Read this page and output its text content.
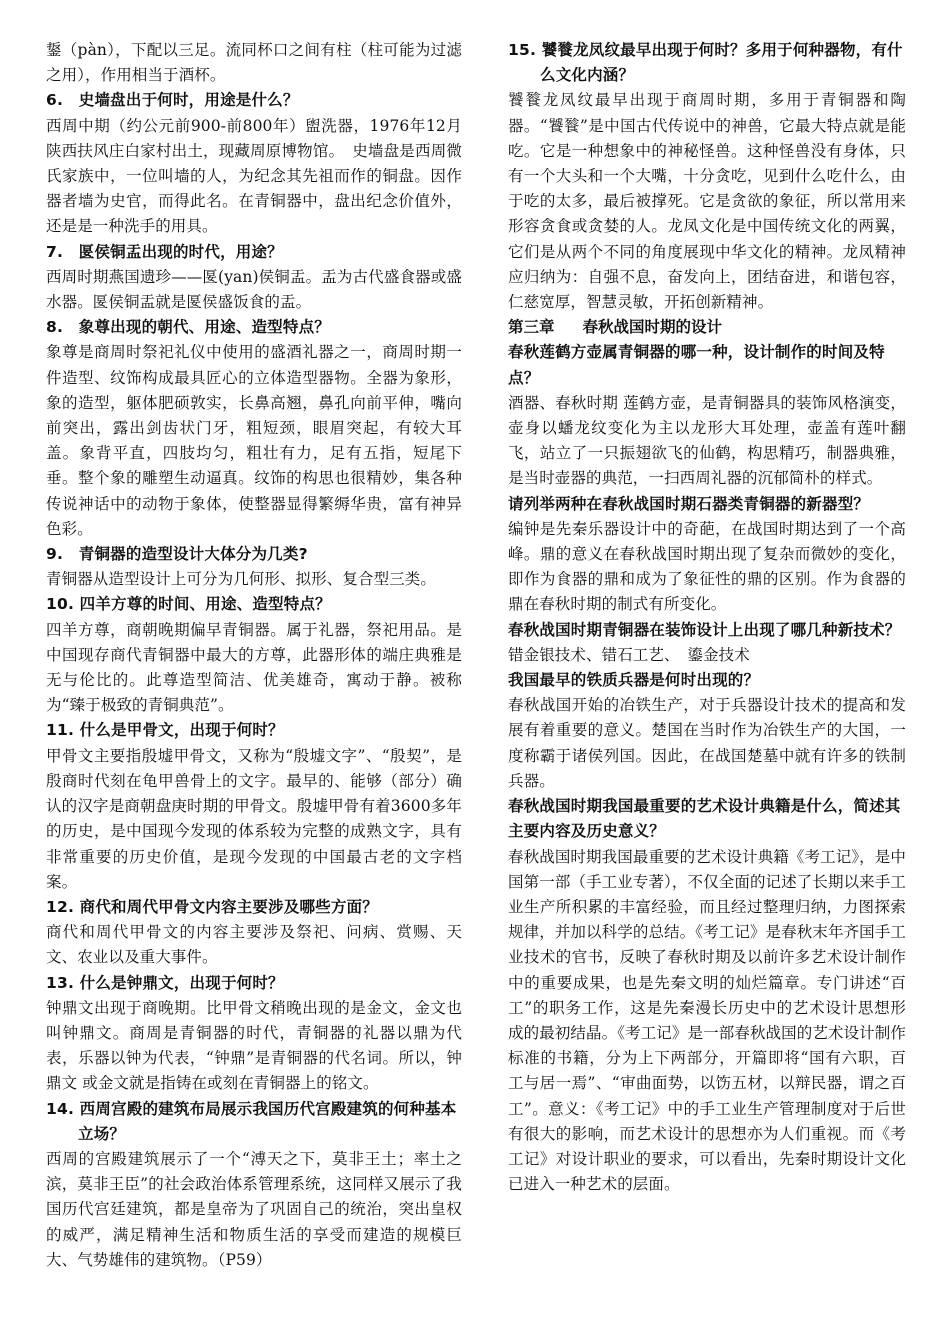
鋬（pàn），下配以三足。流同杯口之间有柱（柱可能为过滤之用），作用相当于酒杯。

6.　史墙盘出于何时，用途是什么？

西周中期（约公元前900-前800年）盥洗器，1976年12月陕西扶风庄白家村出土，现藏周原博物馆。　史墙盘是西周微氏家族中，一位叫墙的人，为纪念其先祖而作的铜盘。因作器者墙为史官，而得此名。在青铜器中，盘出纪念价值外，还是是一种洗手的用具。

7.　匽侯铜盂出现的时代，用途？

西周时期燕国遗珍——匽(yan)侯铜盂。盂为古代盛食器或盛水器。匽侯铜盂就是匽侯盛饭食的盂。

8.　象尊出现的朝代、用途、造型特点？

象尊是商周时祭祀礼仪中使用的盛酒礼器之一，商周时期一件造型、纹饰构成最具匠心的立体造型器物。全器为象形，象的造型，躯体肥硕敦实，长鼻高翘，鼻孔向前平伸，嘴向前突出，露出剑齿状门牙，粗短颈，眼眉突起，有较大耳盖。象背平直，四肢均匀，粗壮有力，足有五指，短尾下垂。整个象的雕塑生动逼真。纹饰的构思也很精妙，集各种传说神话中的动物于象体，使整器显得繁缛华贵，富有神异色彩。

9.　青铜器的造型设计大体分为几类?

青铜器从造型设计上可分为几何形、拟形、复合型三类。

10. 四羊方尊的时间、用途、造型特点？

四羊方尊，商朝晚期偏早青铜器。属于礼器，祭祀用品。是中国现存商代青铜器中最大的方尊，此器形体的端庄典雅是无与伦比的。此尊造型简洁、优美雄奇，寓动于静。被称为“臻于极致的青铜典范”。

11. 什么是甲骨文，出现于何时？

甲骨文主要指殷墟甲骨文，又称为“殷墟文字”、“殷契”，是殷商时代刻在龟甲兽骨上的文字。最早的、能够（部分）确认的汉字是商朝盘庚时期的甲骨文。殷墟甲骨有着3600多年的历史，是中国现今发现的体系较为完整的成熟文字，具有非常重要的历史价值，是现今发现的中国最古老的文字档案。

12. 商代和周代甲骨文内容主要涉及哪些方面？

商代和周代甲骨文的内容主要涉及祭祀、问病、赏赐、天文、农业以及重大事件。

13. 什么是钟鼎文，出现于何时？

钟鼎文出现于商晚期。比甲骨文稍晚出现的是金文，金文也叫钟鼎文。商周是青铜器的时代，青铜器的礼器以鼎为代表，乐器以钟为代表，“钟鼎”是青铜器的代名词。所以，钟鼎文 或金文就是指铸在或刻在青铜器上的铭文。

14. 西周宫殿的建筑布局展示我国历代宫殿建筑的何种基本立场？

西周的宫殿建筑展示了一个“溥天之下，莫非王土；率土之滨，莫非王臣”的社会政治体系管理系统，这同样又展示了我国历代宫廷建筑，都是皇帝为了巩固自己的统治，突出皇权的威严，满足精神生活和物质生活的享受而建造的规模巨大、气势雄伟的建筑物。（P59）

15. 饕餮龙凤纹最早出现于何时？多用于何种器物，有什么文化内涵？

饕餮龙凤纹最早出现于商周时期，多用于青铜器和陶器。“饕餮”是中国古代传说中的神兽，它最大特点就是能吃。它是一种想象中的神秘怪兽。这种怪兽没有身体，只有一个大头和一个大嘴，十分贪吃，见到什么吃什么，由于吃的太多，最后被撑死。它是贪欲的象征，所以常用来形容贪食或贪婪的人。龙凤文化是中国传统文化的两翼，它们是从两个不同的角度展现中华文化的精神。龙凤精神应归纳为：自强不息，奋发向上，团结奋进，和谐包容，仁慈宽厚，智慧灵敏，开拓创新精神。

第三章 春秋战国时期的设计
春秋莲鹤方壶属青铜器的哪一种，设计制作的时间及特点？

酒器、春秋时期 莲鹤方壶，是青铜器具的装饰风格演变，壶身以蟠龙纹变化为主以龙形大耳处理，壶盖有莲叶翻飞，站立了一只振翅欲飞的仙鹤，构思精巧，制器典雅，是当时壶器的典范，一扫西周礼器的沉郁简朴的样式。

请列举两种在春秋战国时期石器类青铜器的新器型？

编钟是先秦乐器设计中的奇葩，在战国时期达到了一个高峰。鼎的意义在春秋战国时期出现了复杂而微妙的变化，即作为食器的鼎和成为了象征性的鼎的区别。作为食器的鼎在春秋时期的制式有所变化。

春秋战国时期青铜器在装饰设计上出现了哪几种新技术？

错金银技术、错石工艺、　鎏金技术

我国最早的铁质兵器是何时出现的？

春秋战国开始的冶铁生产，对于兵器设计技术的提高和发展有着重要的意义。楚国在当时作为冶铁生产的大国，一度称霸于诸侯列国。因此，在战国楚墓中就有许多的铁制兵器。

春秋战国时期我国最重要的艺术设计典籍是什么，简述其主要内容及历史意义？

春秋战国时期我国最重要的艺术设计典籍《考工记》，是中国第一部（手工业专著），不仅全面的记述了长期以来手工业生产所积累的丰富经验，而且经过整理归纳，力图探索规律，并加以科学的总结。《考工记》是春秋末年齐国手工业技术的官书，反映了春秋时期及以前许多艺术设计制作中的重要成果，也是先秦文明的灿烂篇章。专门讲述“百工”的职务工作，这是先秦漫长历史中的艺术设计思想形成的最初结晶。《考工记》是一部春秋战国的艺术设计制作标准的书籍，分为上下两部分，开篇即将“国有六职，百工与居一焉”、“审曲面势，以饬五材，以辩民器，谓之百工”。意义：《考工记》中的手工业生产管理制度对于后世有很大的影响，而艺术设计的思想亦为人们重视。而《考工记》对设计职业的要求，可以看出，先秦时期设计文化已进入一种艺术的层面。
